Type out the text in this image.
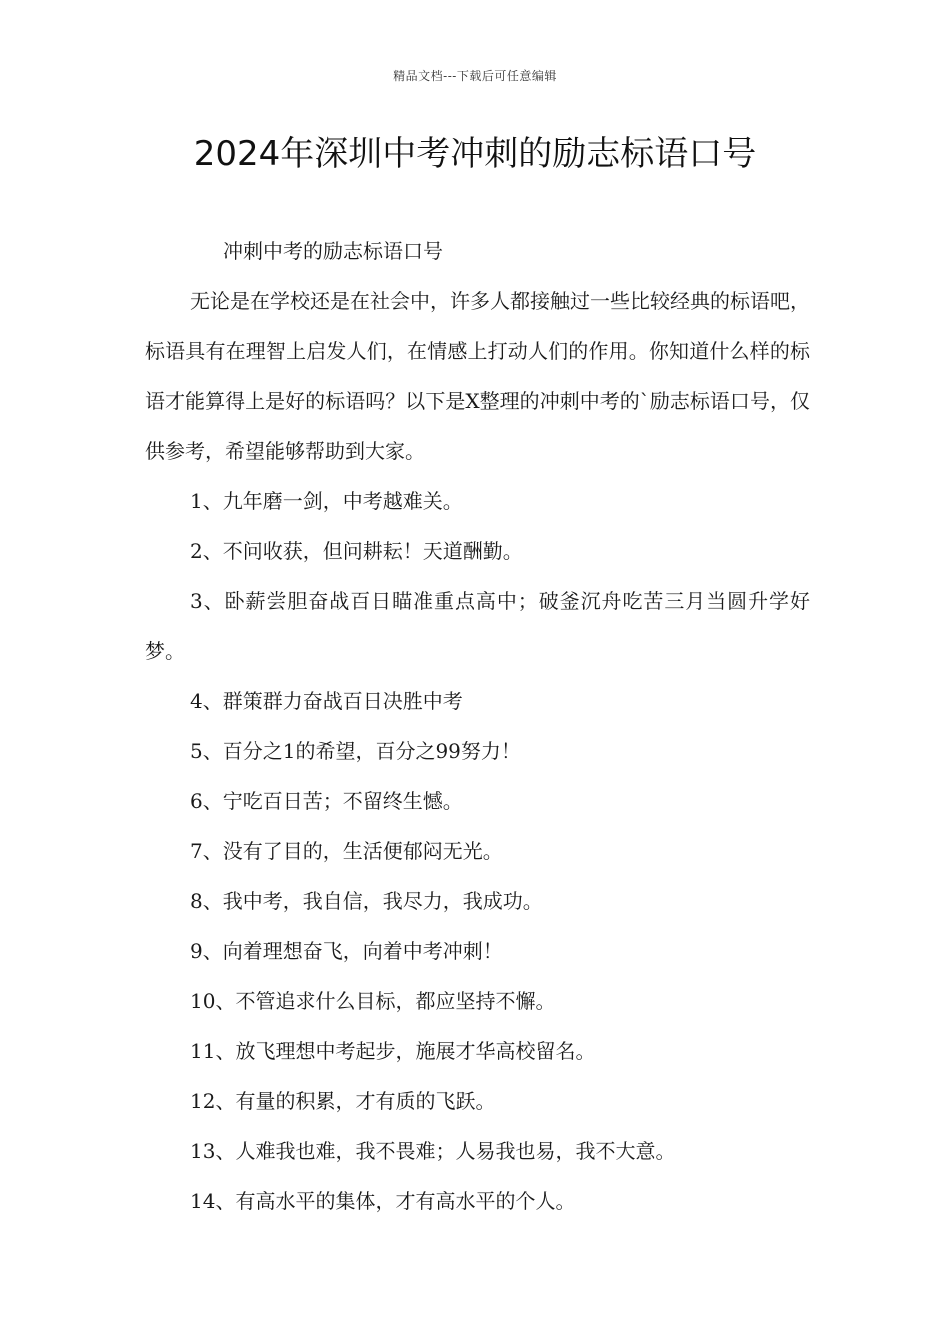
精品文档---下载后可任意编辑
2024年深圳中考冲刺的励志标语口号

冲刺中考的励志标语口号

无论是在学校还是在社会中，许多人都接触过一些比较经典的标语吧，标语具有在理智上启发人们，在情感上打动人们的作用。你知道什么样的标语才能算得上是好的标语吗？以下是X整理的冲刺中考的`励志标语口号，仅供参考，希望能够帮助到大家。

1、九年磨一剑，中考越难关。

2、不问收获，但问耕耘！天道酬勤。

3、卧薪尝胆奋战百日瞄准重点高中；破釜沉舟吃苦三月当圆升学好梦。

4、群策群力奋战百日决胜中考

5、百分之1的希望，百分之99努力！

6、宁吃百日苦；不留终生憾。

7、没有了目的，生活便郁闷无光。

8、我中考，我自信，我尽力，我成功。

9、向着理想奋飞，向着中考冲刺！

10、不管追求什么目标，都应坚持不懈。

11、放飞理想中考起步，施展才华高校留名。

12、有量的积累，才有质的飞跃。

13、人难我也难，我不畏难；人易我也易，我不大意。

14、有高水平的集体，才有高水平的个人。
